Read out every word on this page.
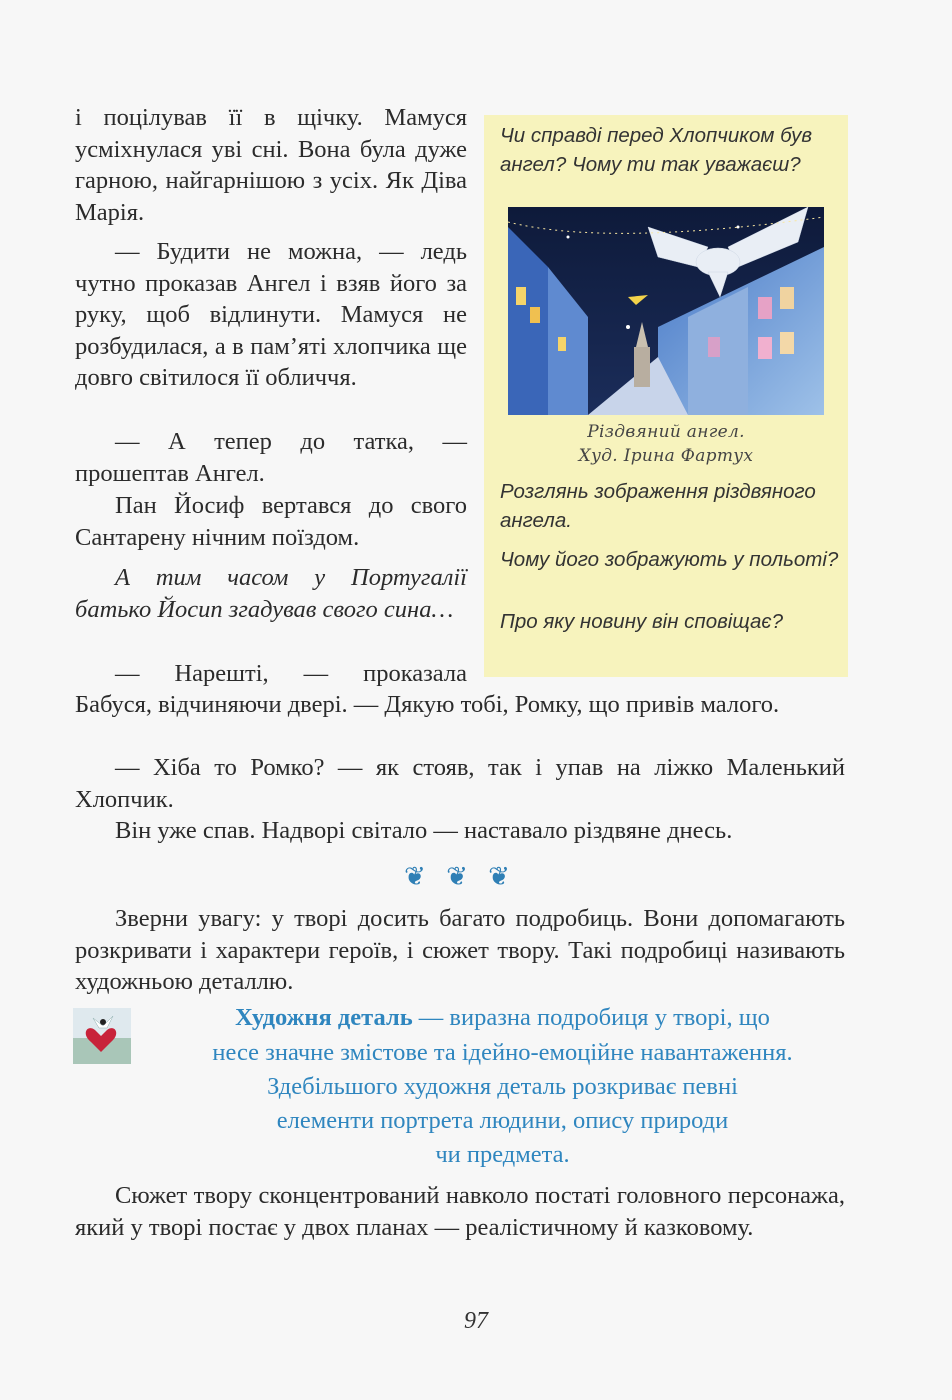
і поцілував її в щічку. Мамуся усміхнулася уві сні. Вона була дуже гарною, найгарнішою з усіх. Як Діва Марія.

— Будити не можна, — ледь чутно проказав Ангел і взяв його за руку, щоб відлинути. Мамуся не розбудилася, а в пам’яті хлопчика ще довго світилося її обличчя.

— А тепер до татка, — прошептав Ангел.

Пан Йосиф вертався до свого Сантарену нічним поїздом.

А тим часом у Португалії батько Йосип згадував свого сина…

— Нарешті, — проказала

Чи справді перед Хлопчиком був ангел? Чому ти так уважаєш?
Різдвяний ангел.
Худ. Ірина Фартух
Розглянь зображення різдвяного ангела.
Чому його зображують у польоті?
Про яку новину він сповіщає?

Бабуся, відчиняючи двері. — Дякую тобі, Ромку, що привів малого.

— Хіба то Ромко? — як стояв, так і упав на ліжко Маленький Хлопчик.

Він уже спав. Надворі світало — наставало різдвяне днесь.

❦ ❦ ❦

Зверни увагу: у творі досить багато подробиць. Вони допомагають розкривати і характери героїв, і сюжет твору. Такі подробиці називають художньою деталлю.

Художня деталь — виразна подробиця у творі, що
несе значне змістове та ідейно-емоційне навантаження.
Здебільшого художня деталь розкриває певні
елементи портрета людини, опису природи
чи предмета.

Сюжет твору сконцентрований навколо постаті головного персонажа, який у творі постає у двох планах — реалістичному й казковому.

97
